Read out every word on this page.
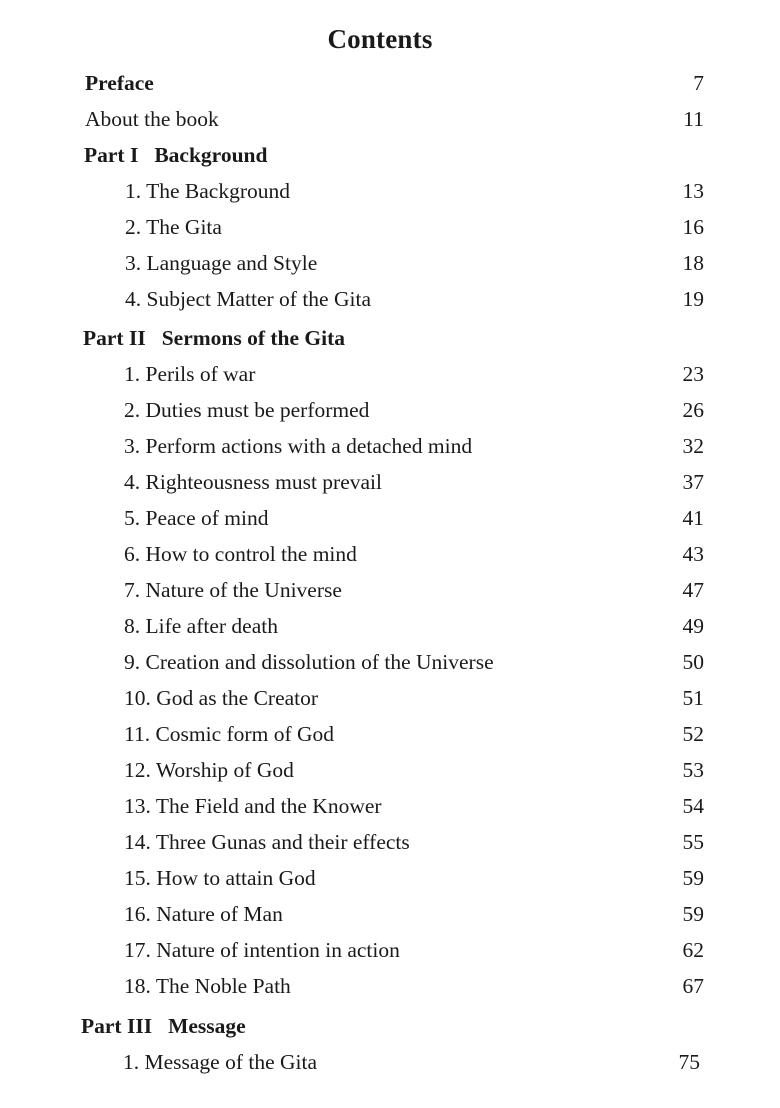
Contents
Preface	7
About the book	11
Part I Background
1. The Background	13
2. The Gita	16
3. Language and Style	18
4. Subject Matter of the Gita	19
Part II Sermons of the Gita
1. Perils of war	23
2. Duties must be performed	26
3. Perform actions with a detached mind	32
4. Righteousness must prevail	37
5. Peace of mind	41
6. How to control the mind	43
7. Nature of the Universe	47
8. Life after death	49
9. Creation and dissolution of the Universe	50
10. God as the Creator	51
11. Cosmic form of God	52
12. Worship of God	53
13. The Field and the Knower	54
14. Three Gunas and their effects	55
15. How to attain God	59
16. Nature of Man	59
17. Nature of intention in action	62
18. The Noble Path	67
Part III Message
1. Message of the Gita	75
